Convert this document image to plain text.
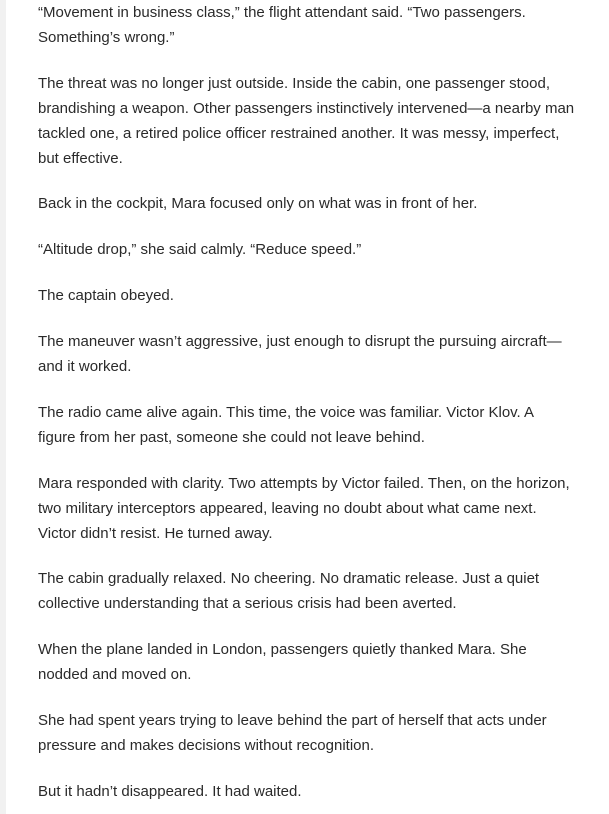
“Movement in business class,” the flight attendant said. “Two passengers.
Something’s wrong.”

The threat was no longer just outside. Inside the cabin, one passenger stood,
brandishing a weapon. Other passengers instinctively intervened—a nearby man
tackled one, a retired police officer restrained another. It was messy, imperfect,
but effective.

Back in the cockpit, Mara focused only on what was in front of her.

“Altitude drop,” she said calmly. “Reduce speed.”

The captain obeyed.

The maneuver wasn’t aggressive, just enough to disrupt the pursuing aircraft—
and it worked.

The radio came alive again. This time, the voice was familiar. Victor Klov. A
figure from her past, someone she could not leave behind.

Mara responded with clarity. Two attempts by Victor failed. Then, on the horizon,
two military interceptors appeared, leaving no doubt about what came next.
Victor didn’t resist. He turned away.

The cabin gradually relaxed. No cheering. No dramatic release. Just a quiet
collective understanding that a serious crisis had been averted.

When the plane landed in London, passengers quietly thanked Mara. She
nodded and moved on.

She had spent years trying to leave behind the part of herself that acts under
pressure and makes decisions without recognition.

But it hadn’t disappeared. It had waited.
